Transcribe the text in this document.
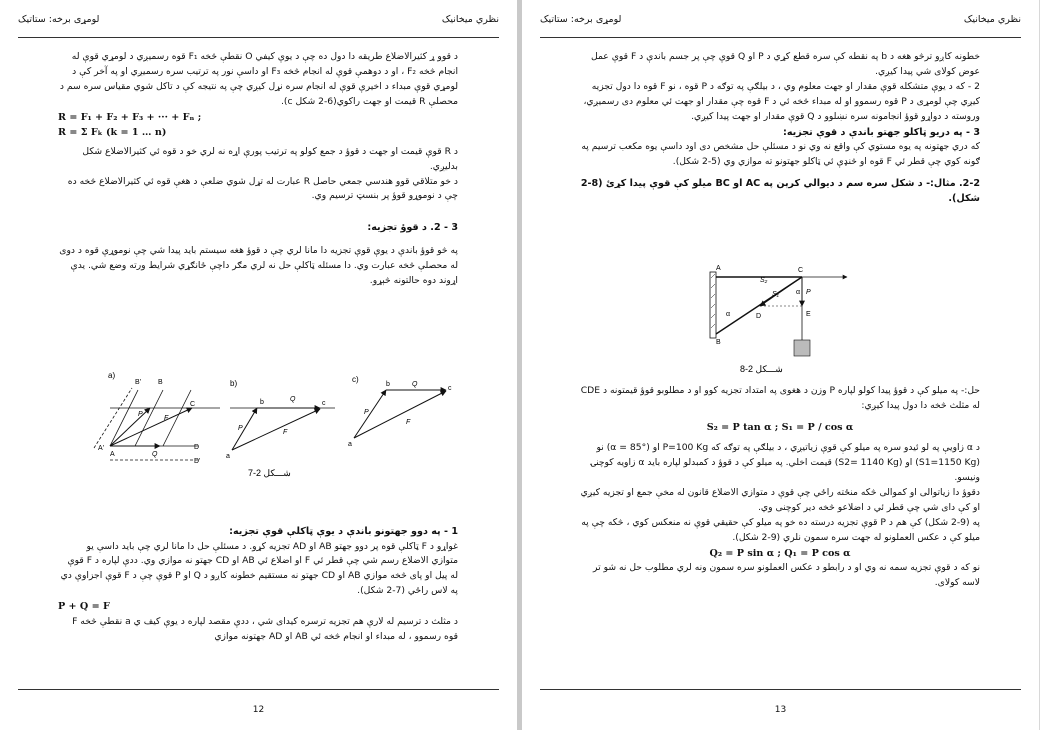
نظري ميخانيک
لومړی برخه: ستاتيک

د قوو ړ کثيرالاضلاع طريقه دا دول ده چې د يوې کيفي O نقطې څخه F₁ قوه رسميږي د لومړي قوې له انجام څخه F₂ ، او د دوهمې قوې له انجام څخه F₃ او داسې نور په ترتيب سره رسميږي او په آخر کې د لومړي قوې مبداء د اخيرې قوې له انجام سره نړل کيږي چې په نتيجه کې د تاکل شوي مقياس سره سم د محصلې R قيمت او جهت راکوي(6-2 شکل c).

R = F₁ + F₂ + F₃ + ··· + Fₙ ;

R = Σ Fₖ (k = 1 … n)

د R قوې قيمت او جهت د قوؤ د جمع کولو په ترتيب پورې اړه نه لري خو د قوه ئي کثيرالاضلاع شکل بدليږي.

د خو متلاقي قوو هندسي جمعي حاصل R عبارت له تړل شوي ضلعې د هغې قوه ئي کثيرالاضلاع څخه ده چې د نوموړو قوؤ پر بنسټ ترسيم وي.

3 - 2. د قوؤ تجزيه:

په څو قوؤ باندې د يوې قوې تجزيه دا مانا لري چې د قوؤ هغه سيستم بايد پيدا شي چې نوموړې قوه د دوی له محصلې څخه عبارت وي. دا مسئله ټاکلې حل نه لري مګر داچې ځانګړي شرايط ورته وضع شي. يدې اړوند دوه حالتونه څېړو.

a)
A'
A
B' B
C
D
D'
P
F
Q
b)
a
b	c
P
F
Q
c)
a
b
c
P
F
Q
7-2 شـــکل

1 - په دوو جهتونو باندې د يوې ټاکلې قوې تجزيه:

غواړو د F ټاکلې قوه پر دوو جهتو AB او AD تجزيه کړو. د مسئلې حل دا مانا لري چې بايد داسې يو متوازي الاضلاع رسم شي چې قطر ئي F او اضلاع ئي AB او CD جهتو نه موازي وي. ددې لپاره د F قوې له پيل او پای څخه موازي AB او CD جهتو نه مستقيم خطونه کاږو د Q او P قوې چې د F قوې اجزاوې دي په لاس راځي (7-2 شکل).

P + Q = F

د مثلث د ترسيم له لارې هم تجزيه ترسره کيدای شي ، ددې مقصد لپاره د يوې کيف ي a نقطې څخه F قوه رسموو ، له مبداء او انجام څخه ئي AB او AD جهتونه موازي

12
نظري ميخانيک
لومړی برخه: ستاتيک

خطونه کاږو ترڅو هغه د b په نقطه کې سره قطع کړي د P او Q قوې چې پر جسم باندې د F قوې عمل عوض کولای شي پيدا کيږي.

2 - که د يوې متشکله قوې مقدار او جهت معلوم وي ، د بيلګې په توګه د P قوه ، نو F قوه دا دول تجزيه کيږي چې لومړی د P قوه رسموو او له مبداء څخه ئي د F قوه چې مقدار او جهت ئي معلوم دی رسميږي، وروسته د دواړو قوؤ انجامونه سره نښلوو د Q قوې مقدار او جهت پيدا کيږي.

3 - په دريو ټاکلو جهتو باندې د قوې تجزيه:

که دري جهتونه په يوه مستوي کې واقع نه وي نو د مسئلې حل مشخص دی اود داسې يوه مکعب ترسيم په ګونه کوي چې قطر ئي F قوه او څنډې ئي ټاکلو جهتونو ته موازي وي (5-2 شکل).

2-2. مثال:- د شکل سره سم د ديوالي کرېن په AC او BC ميلو کې قوې پيدا کړئ (8-2 شکل).

A
B
C
D	E
P
α
α
S₁
S₂
8-2 شـــکل

حل:- په ميلو کې د قوؤ پيدا کولو لپاره P وزن د هغوی په امتداد تجزيه کوو او د مطلوبو قوؤ قيمتونه د CDE له مثلث څخه دا دول پيدا کيږي:

S₂ = P tan α ; S₁ = P / cos α

د α زاويې په لو ئيدو سره په ميلو کې قوې زياتيږي ، د بيلګې په توګه که P=100 Kg او (α = 85°) نو (S1=1150 Kg) او (S2= 1140 Kg) قيمت اخلي. په ميلو کې د قوؤ د کمبدلو لپاره بايد α زاويه کوچنۍ ونيسو.

دقوؤ دا زياتوالی او کموالی څکه منځته راځي چې قوې د متوازي الاضلاع قانون له مخې جمع او تجزيه کيږي او کې دای شي چې قطر ئي د اضلاعو څخه دير کوچنی وي.

په (9-2 شکل) کې هم د P قوې تجزيه درسته ده خو په ميلو کې حقيقي قوې نه منعکس کوي ، څکه چې په ميلو کې د عکس العملونو له جهت سره سمون نلري (9-2 شکل).

Q₂ = P sin α ; Q₁ = P cos α

نو که د قوې تجزيه سمه نه وي او د رابطو د عکس العملونو سره سمون ونه لري مطلوب حل نه شو تر لاسه کولای.

13
